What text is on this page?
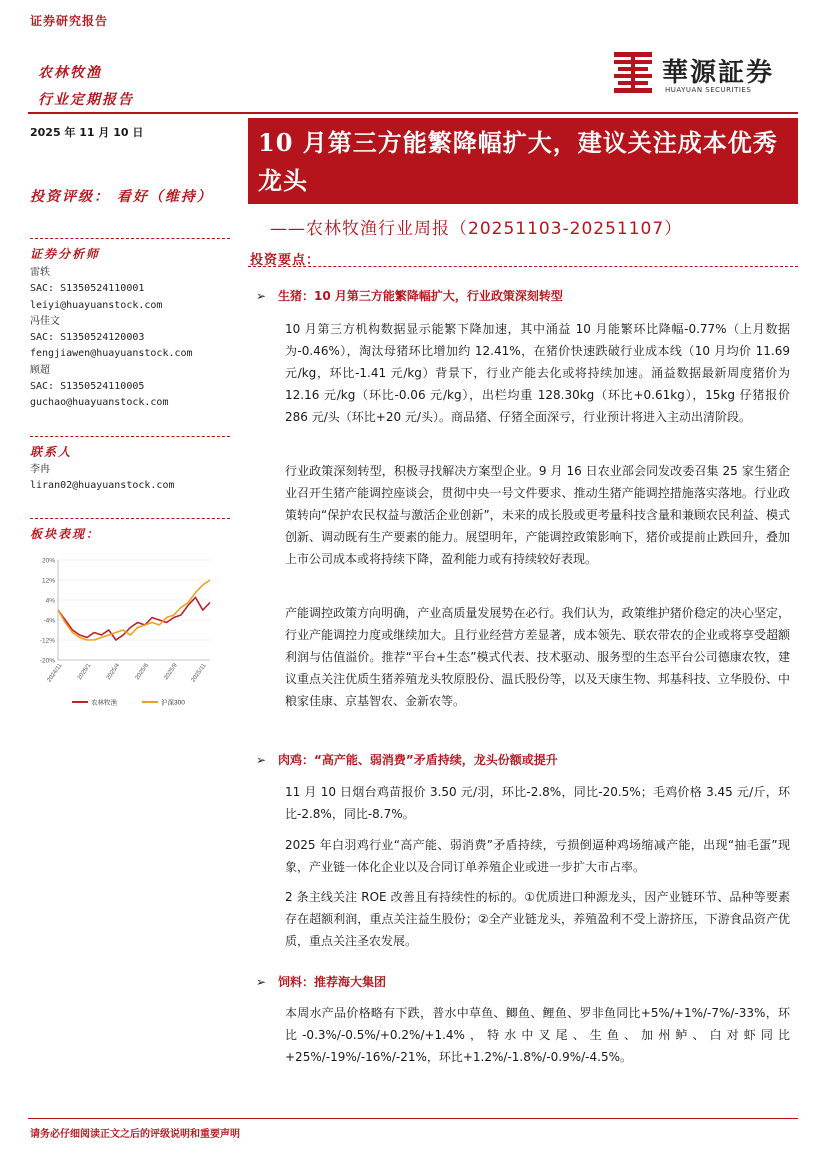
证券研究报告
華源証券
HUAYUAN SECURITIES
农林牧渔
行业定期报告
2025 年 11 月 10 日	10 月第三方能繁降幅扩大，建议关注成本优秀龙头
——农林牧渔行业周报（20251103-20251107）
投资评级： 看好（维持）
证券分析师
雷轶
SAC: S1350524110001
leiyi@huayuanstock.com
冯佳文
SAC: S1350524120003
fengjiawen@huayuanstock.com
顾超
SAC: S1350524110005
guchao@huayuanstock.com
联系人
李冉
liran02@huayuanstock.com
板块表现：
20%
12%
4%
-4%
-12%
-20%
2024/11 2025/1 2025/4 2025/6 2025/9 2025/11
农林牧渔	沪深300
投资要点：
➢ 生猪：10 月第三方能繁降幅扩大，行业政策深刻转型
10 月第三方机构数据显示能繁下降加速，其中涌益 10 月能繁环比降幅-0.77%（上月数据为-0.46%），淘汰母猪环比增加约 12.41%，在猪价快速跌破行业成本线（10 月均价 11.69 元/kg，环比-1.41 元/kg）背景下，行业产能去化或将持续加速。涌益数据最新周度猪价为 12.16 元/kg（环比-0.06 元/kg），出栏均重 128.30kg（环比+0.61kg），15kg 仔猪报价 286 元/头（环比+20 元/头）。商品猪、仔猪全面深亏，行业预计将进入主动出清阶段。
行业政策深刻转型，积极寻找解决方案型企业。9 月 16 日农业部会同发改委召集 25 家生猪企业召开生猪产能调控座谈会，贯彻中央一号文件要求、推动生猪产能调控措施落实落地。行业政策转向“保护农民权益与激活企业创新”，未来的成长股或更考量科技含量和兼顾农民利益、模式创新、调动既有生产要素的能力。展望明年，产能调控政策影响下，猪价或提前止跌回升，叠加上市公司成本或将持续下降，盈利能力或有持续较好表现。
产能调控政策方向明确，产业高质量发展势在必行。我们认为，政策维护猪价稳定的决心坚定，行业产能调控力度或继续加大。且行业经营方差显著，成本领先、联农带农的企业或将享受超额利润与估值溢价。推荐“平台+生态”模式代表、技术驱动、服务型的生态平台公司德康农牧，建议重点关注优质生猪养殖龙头牧原股份、温氏股份等，以及天康生物、邦基科技、立华股份、中粮家佳康、京基智农、金新农等。
➢ 肉鸡：“高产能、弱消费”矛盾持续，龙头份额或提升
11 月 10 日烟台鸡苗报价 3.50 元/羽，环比-2.8%，同比-20.5%；毛鸡价格 3.45 元/斤，环比-2.8%，同比-8.7%。
2025 年白羽鸡行业“高产能、弱消费”矛盾持续，亏损倒逼种鸡场缩减产能，出现“抽毛蛋”现象，产业链一体化企业以及合同订单养殖企业或进一步扩大市占率。
2 条主线关注 ROE 改善且有持续性的标的。①优质进口种源龙头，因产业链环节、品种等要素存在超额利润，重点关注益生股份；②全产业链龙头，养殖盈利不受上游挤压，下游食品资产优质，重点关注圣农发展。
➢ 饲料：推荐海大集团
本周水产品价格略有下跌，普水中草鱼、鲫鱼、鲤鱼、罗非鱼同比+5%/+1%/-7%/-33%，环比-0.3%/-0.5%/+0.2%/+1.4%，特水中叉尾、生鱼、加州鲈、白对虾同比+25%/-19%/-16%/-21%，环比+1.2%/-1.8%/-0.9%/-4.5%。
请务必仔细阅读正文之后的评级说明和重要声明
